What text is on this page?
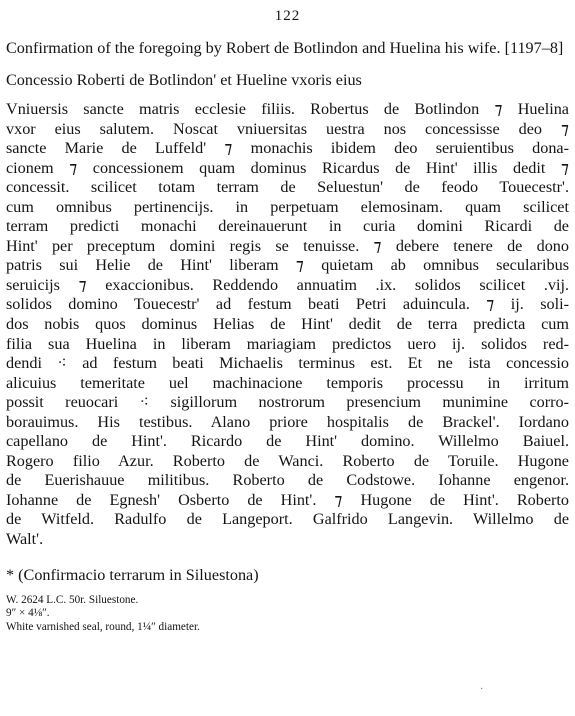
122
Confirmation of the foregoing by Robert de Botlindon and Huelina his wife. [1197–8]
Concessio Roberti de Botlindon' et Hueline vxoris eius
Vniuersis sancte matris ecclesie filiis. Robertus de Botlindon ⁊ Huelina
vxor eius salutem. Noscat vniuersitas uestra nos concessisse deo ⁊
sancte Marie de Luffeld' ⁊ monachis ibidem deo seruientibus dona-
cionem ⁊ concessionem quam dominus Ricardus de Hint' illis dedit ⁊
concessit. scilicet totam terram de Seluestun' de feodo Touecestr'.
cum omnibus pertinencijs. in perpetuam elemosinam. quam scilicet
terram predicti monachi dereinauerunt in curia domini Ricardi de
Hint' per preceptum domini regis se tenuisse. ⁊ debere tenere de dono
patris sui Helie de Hint' liberam ⁊ quietam ab omnibus secularibus
seruicijs ⁊ exaccionibus. Reddendo annuatim .ix. solidos scilicet .vij.
solidos domino Touecestr' ad festum beati Petri aduincula. ⁊ ij. soli-
dos nobis quos dominus Helias de Hint' dedit de terra predicta cum
filia sua Huelina in liberam mariagiam predictos uero ij. solidos red-
dendi ⁖ ad festum beati Michaelis terminus est. Et ne ista concessio
alicuius temeritate uel machinacione temporis processu in irritum
possit reuocari ⁖ sigillorum nostrorum presencium munimine corro-
borauimus. His testibus. Alano priore hospitalis de Brackel'. Iordano
capellano de Hint'. Ricardo de Hint' domino. Willelmo Baiuel.
Rogero filio Azur. Roberto de Wanci. Roberto de Toruile. Hugone
de Euerishauue militibus. Roberto de Codstowe. Iohanne engenor.
Iohanne de Egnesh' Osberto de Hint'. ⁊ Hugone de Hint'. Roberto
de Witfeld. Radulfo de Langeport. Galfrido Langevin. Willelmo de
Walt'.
* (Confirmacio terrarum in Siluestona)
W. 2624 L.C. 50r. Siluestone.
9″ × 4⅛″.
White varnished seal, round, 1¼″ diameter.
·
